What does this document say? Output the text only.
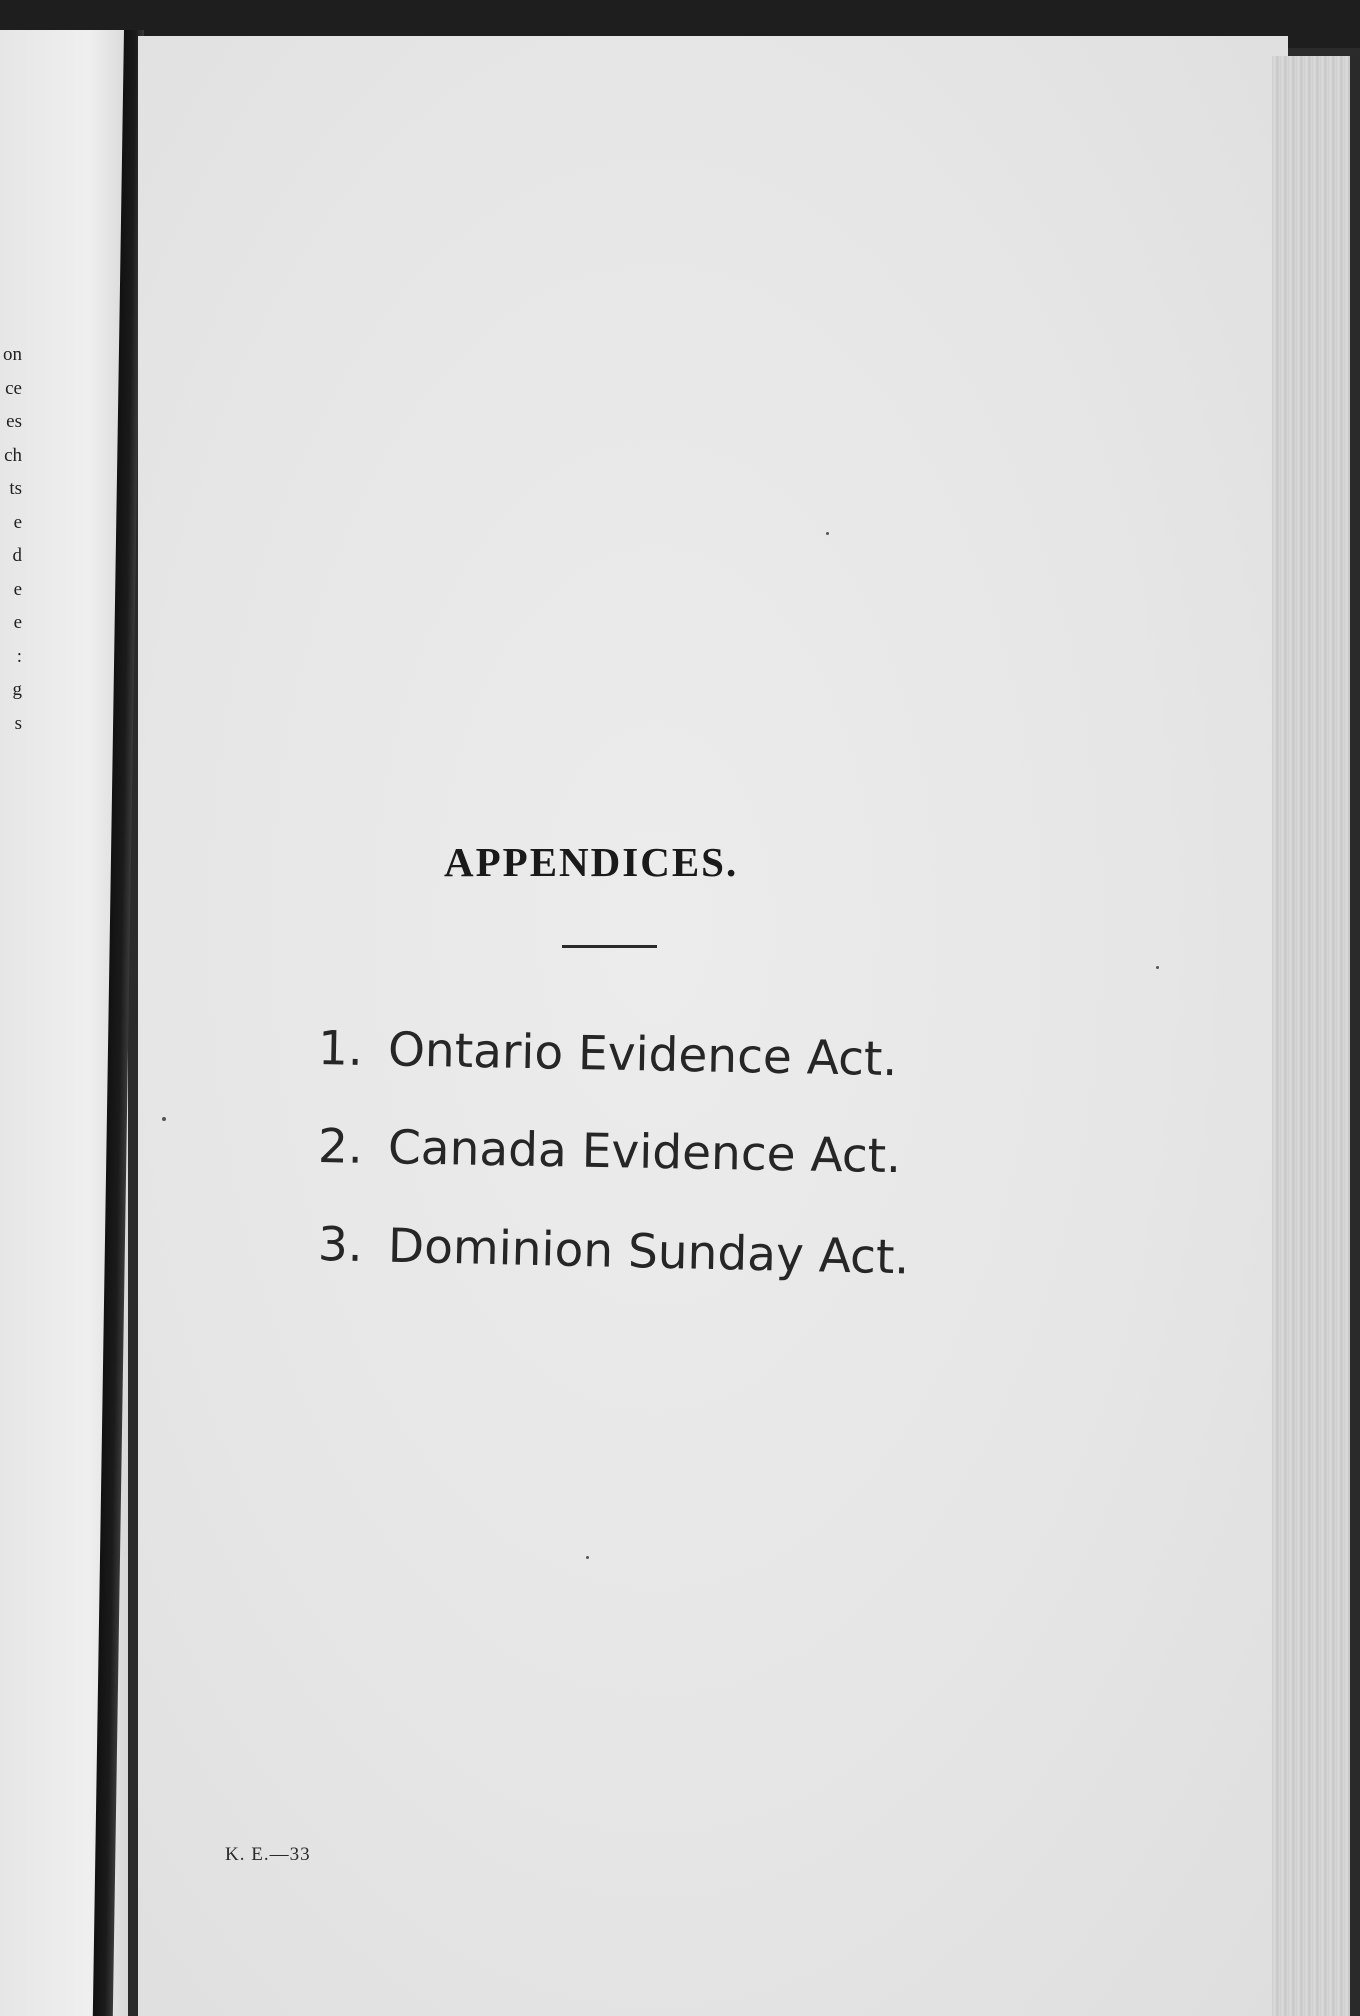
on
ce
es
ch
ts
e
d
e
e
:
g
s
APPENDICES.
1. Ontario Evidence Act.
2. Canada Evidence Act.
3. Dominion Sunday Act.
K. E.—33
